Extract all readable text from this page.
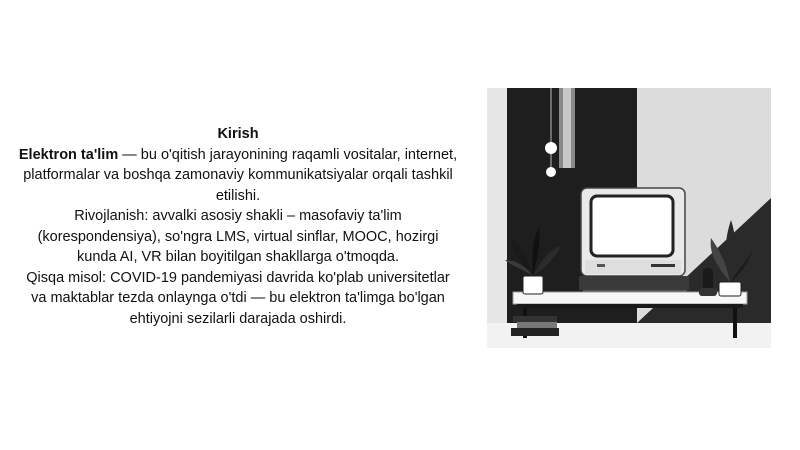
Kirish

Elektron ta'lim — bu o'qitish jarayonining raqamli vositalar, internet, platformalar va boshqa zamonaviy kommunikatsiyalar orqali tashkil etilishi.

Rivojlanish: avvalki asosiy shakli – masofaviy ta'lim (korespondensiya), so'ngra LMS, virtual sinflar, MOOC, hozirgi kunda AI, VR bilan boyitilgan shakllarga o'tmoqda.

Qisqa misol: COVID-19 pandemiyasi davrida ko'plab universitetlar va maktablar tezda onlaynga o'tdi — bu elektron ta'limga bo'lgan ehtiyojni sezilarli darajada oshirdi.
